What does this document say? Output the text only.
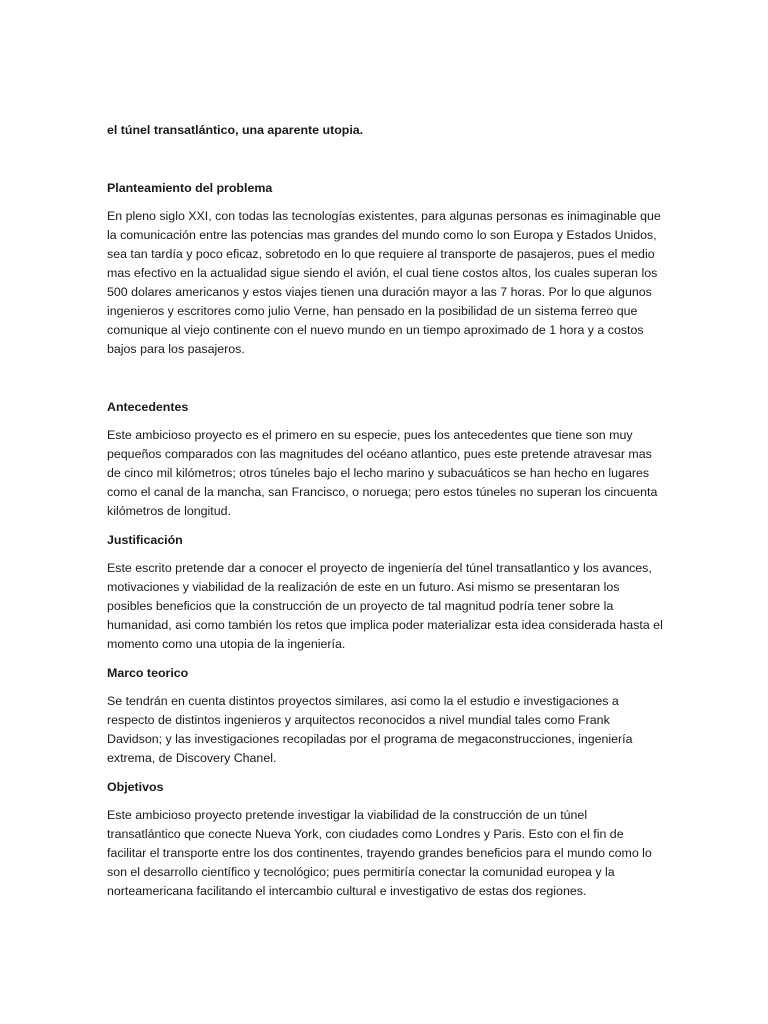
el túnel transatlántico, una aparente utopia.

Planteamiento del problema

En pleno siglo XXI, con todas las tecnologías existentes, para algunas personas es inimaginable que la comunicación entre las potencias mas grandes del mundo como lo son Europa y Estados Unidos, sea tan tardía y poco eficaz, sobretodo en lo que requiere al transporte de pasajeros, pues el medio mas efectivo en la actualidad sigue siendo el avión, el cual tiene costos altos, los cuales superan los 500 dolares americanos y estos viajes tienen una duración mayor a las 7 horas. Por lo que algunos ingenieros y escritores como julio Verne, han pensado en la posibilidad de un sistema ferreo que comunique al viejo continente con el nuevo mundo en un tiempo aproximado de 1 hora y a costos bajos para los pasajeros.

Antecedentes

Este ambicioso proyecto es el primero en su especie, pues los antecedentes que tiene son muy pequeños comparados con las magnitudes del océano atlantico, pues este pretende atravesar mas de cinco mil kilómetros; otros túneles bajo el lecho marino y subacuáticos se han hecho en lugares como el canal de la mancha, san Francisco, o noruega; pero estos túneles no superan los cincuenta kilómetros de longitud.

Justificación

Este escrito pretende dar a conocer el proyecto de ingeniería del túnel transatlantico y los avances, motivaciones y viabilidad de la realización de este en un futuro. Asi mismo se presentaran los posibles beneficios que la construcción de un proyecto de tal magnitud podría tener sobre la humanidad, asi como también los retos que implica poder materializar esta idea considerada hasta el momento como una utopia de la ingeniería.

Marco teorico

Se tendrán en cuenta distintos proyectos similares, asi como la el estudio e investigaciones a respecto de distintos ingenieros y arquitectos reconocidos a nivel mundial tales como Frank Davidson; y las investigaciones recopiladas por el programa de megaconstrucciones, ingeniería extrema, de Discovery Chanel.

Objetivos

Este ambicioso proyecto pretende investigar la viabilidad de la construcción de un túnel transatlántico que conecte Nueva York, con ciudades como Londres y Paris. Esto con el fin de facilitar el transporte entre los dos continentes, trayendo grandes beneficios para el mundo como lo son el desarrollo científico y tecnológico; pues permitiría conectar la comunidad europea y la norteamericana facilitando el intercambio cultural e investigativo de estas dos regiones.
